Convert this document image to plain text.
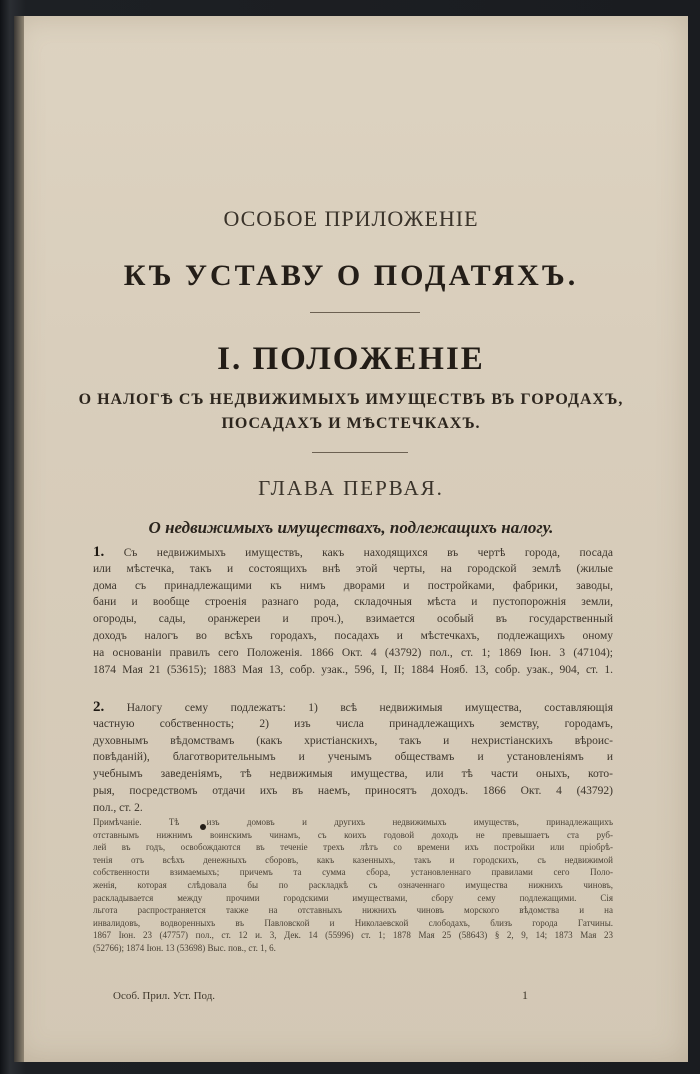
ОСОБОЕ ПРИЛОЖЕНІЕ
КЪ УСТАВУ О ПОДАТЯХЪ.
I. ПОЛОЖЕНІЕ
О НАЛОГѢ СЪ НЕДВИЖИМЫХЪ ИМУЩЕСТВЪ ВЪ ГОРОДАХЪ,
ПОСАДАХЪ И МѢСТЕЧКАХЪ.
ГЛАВА ПЕРВАЯ.
О недвижимыхъ имуществахъ, подлежащихъ налогу.
1. Съ недвижимыхъ имуществъ, какъ находящихся въ чертѣ города, посада
или мѣстечка, такъ и состоящихъ внѣ этой черты, на городской землѣ (жилые
дома съ принадлежащими къ нимъ дворами и постройками, фабрики, заводы,
бани и вообще строенія разнаго рода, складочныя мѣста и пустопорожнія земли,
огороды, сады, оранжереи и проч.), взимается особый въ государственный
доходъ налогъ во всѣхъ городахъ, посадахъ и мѣстечкахъ, подлежащихъ оному
на основаніи правилъ сего Положенія. 1866 Окт. 4 (43792) пол., ст. 1; 1869 Іюн. 3 (47104);
1874 Мая 21 (53615); 1883 Мая 13, собр. узак., 596, I, II; 1884 Нояб. 13, собр. узак., 904, ст. 1.
2. Налогу сему подлежатъ: 1) всѣ недвижимыя имущества, составляющія
частную собственность; 2) изъ числа принадлежащихъ земству, городамъ,
духовнымъ вѣдомствамъ (какъ христіанскихъ, такъ и нехристіанскихъ вѣроис-
повѣданій), благотворительнымъ и ученымъ обществамъ и установленіямъ и
учебнымъ заведеніямъ, тѣ недвижимыя имущества, или тѣ части оныхъ, кото-
рыя, посредствомъ отдачи ихъ въ наемъ, приносятъ доходъ. 1866 Окт. 4 (43792)
пол., ст. 2.
Примѣчаніе. Тѣ изъ домовъ и другихъ недвижимыхъ имуществъ, принадлежащихъ
отставнымъ нижнимъ воинскимъ чинамъ, съ коихъ годовой доходъ не превышаетъ ста руб-
лей въ годъ, освобождаются въ теченіе трехъ лѣтъ со времени ихъ постройки или пріобрѣ-
тенія отъ всѣхъ денежныхъ сборовъ, какъ казенныхъ, такъ и городскихъ, съ недвижимой
собственности взимаемыхъ; причемъ та сумма сбора, установленнаго правилами сего Поло-
женія, которая слѣдовала бы по раскладкѣ съ означеннаго имущества нижнихъ чиновъ,
раскладывается между прочими городскими имуществами, сбору сему подлежащими. Сія
льгота распространяется также на отставныхъ нижнихъ чиновъ морского вѣдомства и на
инвалидовъ, водворенныхъ въ Павловской и Николаевской слободахъ, близъ города Гатчины.
1867 Іюн. 23 (47757) пол., ст. 12 и. 3, Дек. 14 (55996) ст. 1; 1878 Мая 25 (58643) § 2, 9, 14; 1873 Мая 23
(52766); 1874 Іюн. 13 (53698) Выс. пов., ст. 1, 6.
Особ. Прил. Уст. Под.	1
